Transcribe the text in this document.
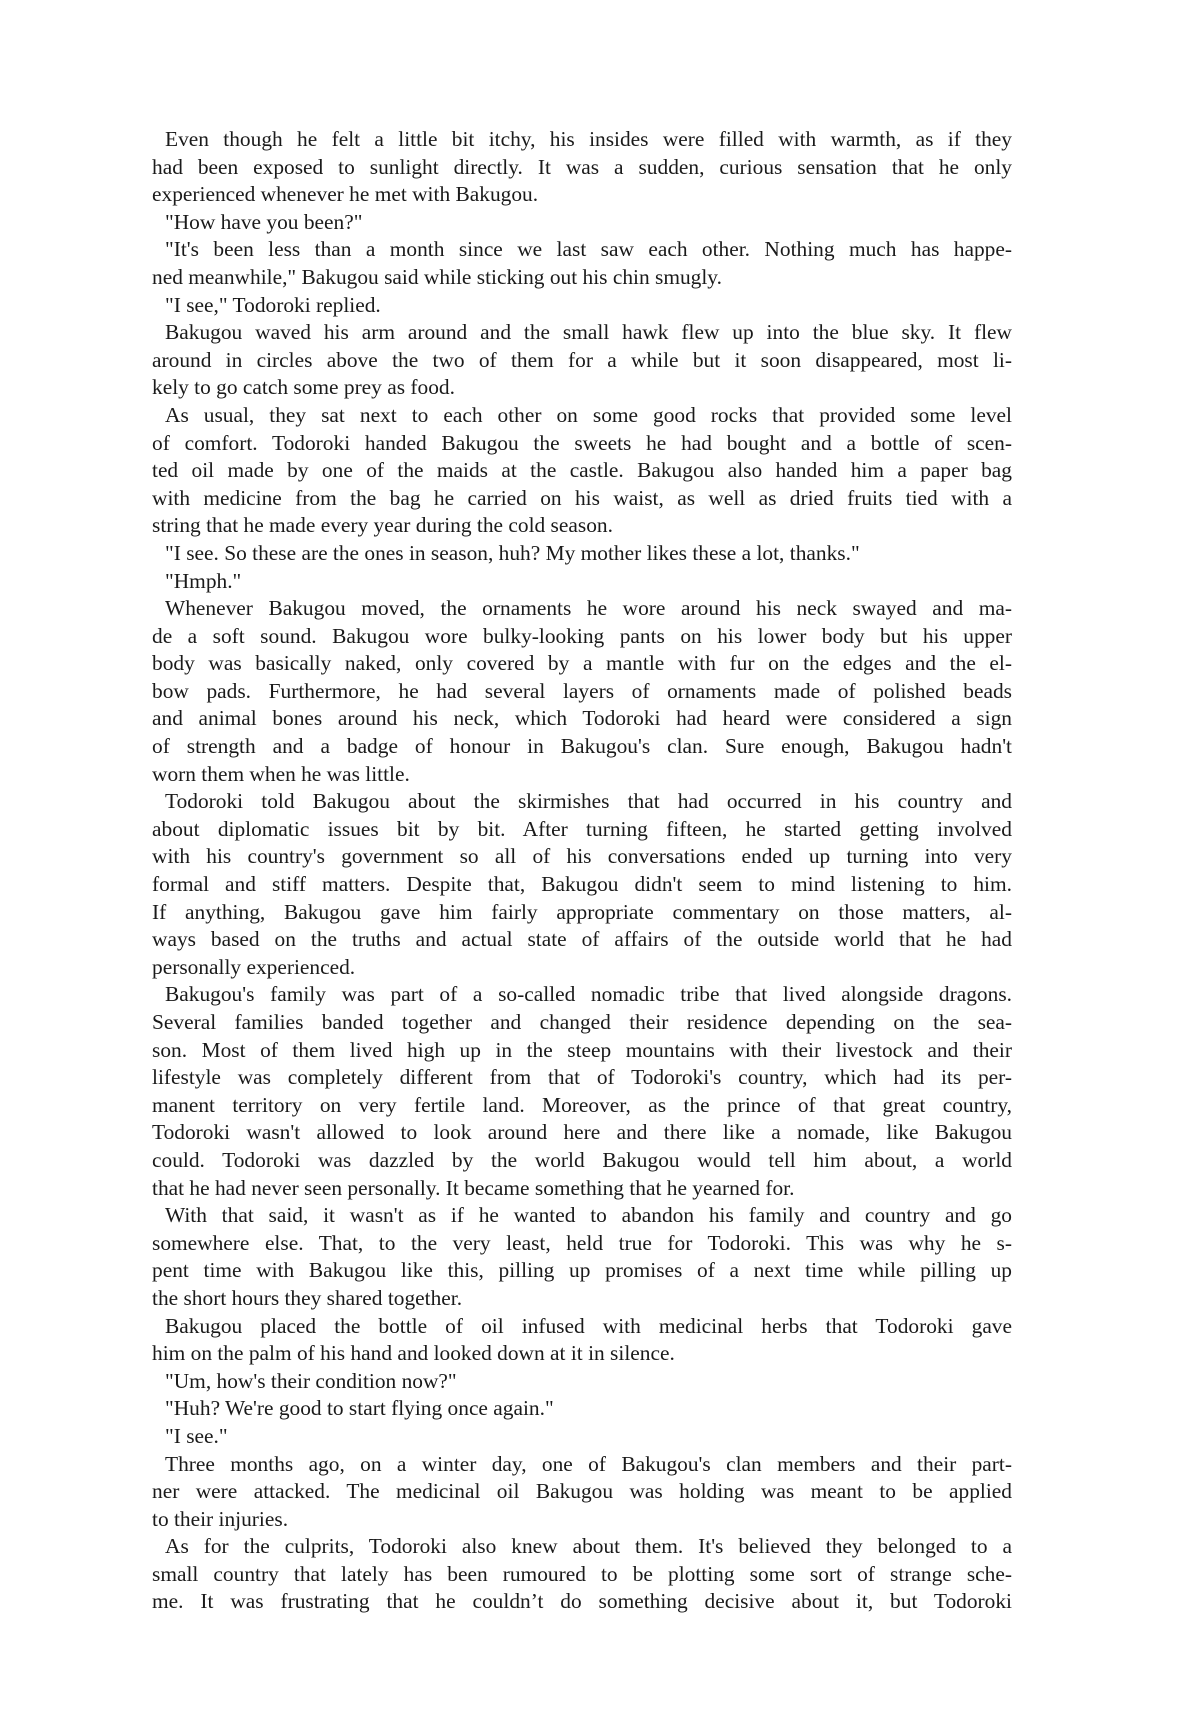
Even though he felt a little bit itchy, his insides were filled with warmth, as if they
had been exposed to sunlight directly. It was a sudden, curious sensation that he only
experienced whenever he met with Bakugou.
"How have you been?"
"It's been less than a month since we last saw each other. Nothing much has happe-
ned meanwhile," Bakugou said while sticking out his chin smugly.
"I see," Todoroki replied.
Bakugou waved his arm around and the small hawk flew up into the blue sky. It flew
around in circles above the two of them for a while but it soon disappeared, most li-
kely to go catch some prey as food.
As usual, they sat next to each other on some good rocks that provided some level
of comfort. Todoroki handed Bakugou the sweets he had bought and a bottle of scen-
ted oil made by one of the maids at the castle. Bakugou also handed him a paper bag
with medicine from the bag he carried on his waist, as well as dried fruits tied with a
string that he made every year during the cold season.
"I see. So these are the ones in season, huh? My mother likes these a lot, thanks."
"Hmph."
Whenever Bakugou moved, the ornaments he wore around his neck swayed and ma-
de a soft sound. Bakugou wore bulky-looking pants on his lower body but his upper
body was basically naked, only covered by a mantle with fur on the edges and the el-
bow pads. Furthermore, he had several layers of ornaments made of polished beads
and animal bones around his neck, which Todoroki had heard were considered a sign
of strength and a badge of honour in Bakugou's clan. Sure enough, Bakugou hadn't
worn them when he was little.
Todoroki told Bakugou about the skirmishes that had occurred in his country and
about diplomatic issues bit by bit. After turning fifteen, he started getting involved
with his country's government so all of his conversations ended up turning into very
formal and stiff matters. Despite that, Bakugou didn't seem to mind listening to him.
If anything, Bakugou gave him fairly appropriate commentary on those matters, al-
ways based on the truths and actual state of affairs of the outside world that he had
personally experienced.
Bakugou's family was part of a so-called nomadic tribe that lived alongside dragons.
Several families banded together and changed their residence depending on the sea-
son. Most of them lived high up in the steep mountains with their livestock and their
lifestyle was completely different from that of Todoroki's country, which had its per-
manent territory on very fertile land. Moreover, as the prince of that great country,
Todoroki wasn't allowed to look around here and there like a nomade, like Bakugou
could. Todoroki was dazzled by the world Bakugou would tell him about, a world
that he had never seen personally. It became something that he yearned for.
With that said, it wasn't as if he wanted to abandon his family and country and go
somewhere else. That, to the very least, held true for Todoroki. This was why he s-
pent time with Bakugou like this, pilling up promises of a next time while pilling up
the short hours they shared together.
Bakugou placed the bottle of oil infused with medicinal herbs that Todoroki gave
him on the palm of his hand and looked down at it in silence.
"Um, how's their condition now?"
"Huh? We're good to start flying once again."
"I see."
Three months ago, on a winter day, one of Bakugou's clan members and their part-
ner were attacked. The medicinal oil Bakugou was holding was meant to be applied
to their injuries.
As for the culprits, Todoroki also knew about them. It's believed they belonged to a
small country that lately has been rumoured to be plotting some sort of strange sche-
me. It was frustrating that he couldn’t do something decisive about it, but Todoroki
